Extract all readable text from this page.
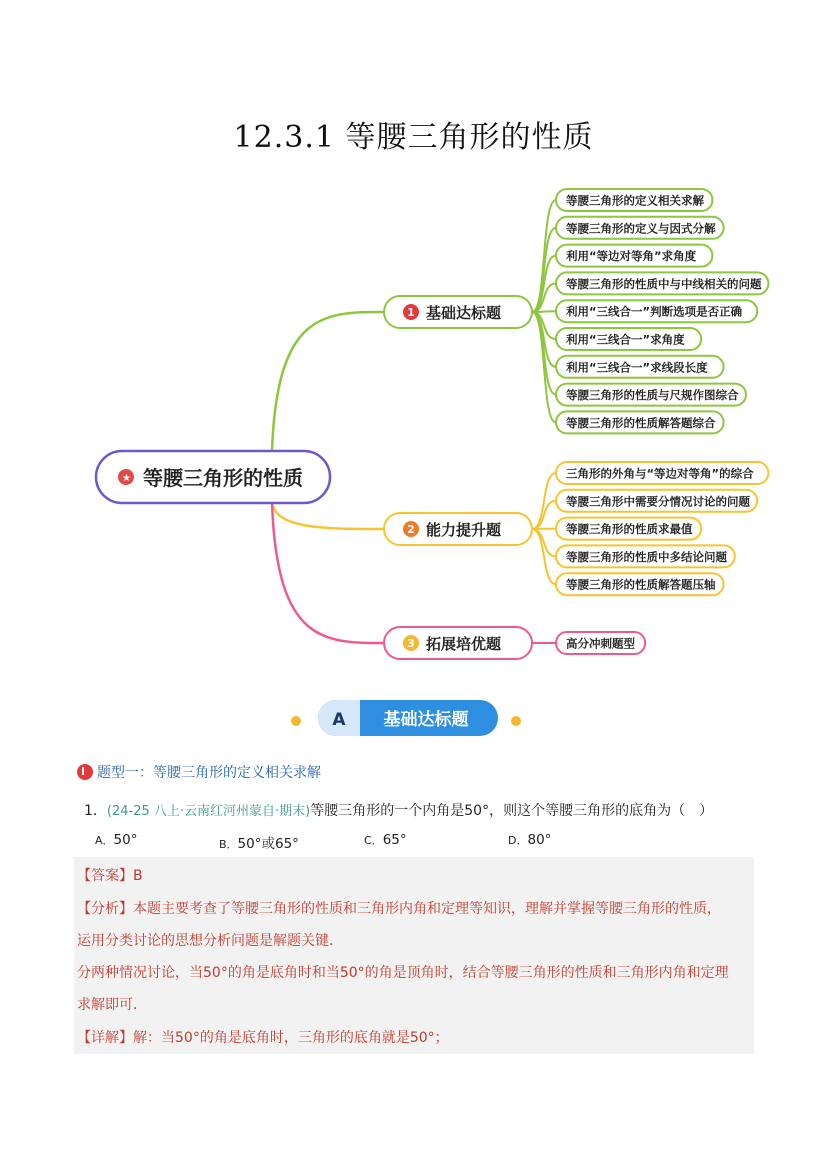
12.3.1 等腰三角形的性质
★ 等腰三角形的性质
1 基础达标题
等腰三角形的定义相关求解
等腰三角形的定义与因式分解
利用“等边对等角”求角度
等腰三角形的性质中与中线相关的问题
利用“三线合一”判断选项是否正确
利用“三线合一”求角度
利用“三线合一”求线段长度
等腰三角形的性质与尺规作图综合
等腰三角形的性质解答题综合
2 能力提升题
三角形的外角与“等边对等角”的综合
等腰三角形中需要分情况讨论的问题
等腰三角形的性质求最值
等腰三角形的性质中多结论问题
等腰三角形的性质解答题压轴
3 拓展培优题	高分冲刺题型
A 基础达标题
题型一：等腰三角形的定义相关求解
1．(24-25 八上·云南红河州蒙自·期末)等腰三角形的一个内角是50°，则这个等腰三角形的底角为（　）
A．50°	B．50°或65°	C．65°	D．80°
【答案】B
【分析】本题主要考查了等腰三角形的性质和三角形内角和定理等知识，理解并掌握等腰三角形的性质，
运用分类讨论的思想分析问题是解题关键．
分两种情况讨论，当50°的角是底角时和当50°的角是顶角时，结合等腰三角形的性质和三角形内角和定理
求解即可．
【详解】解：当50°的角是底角时，三角形的底角就是50°；
